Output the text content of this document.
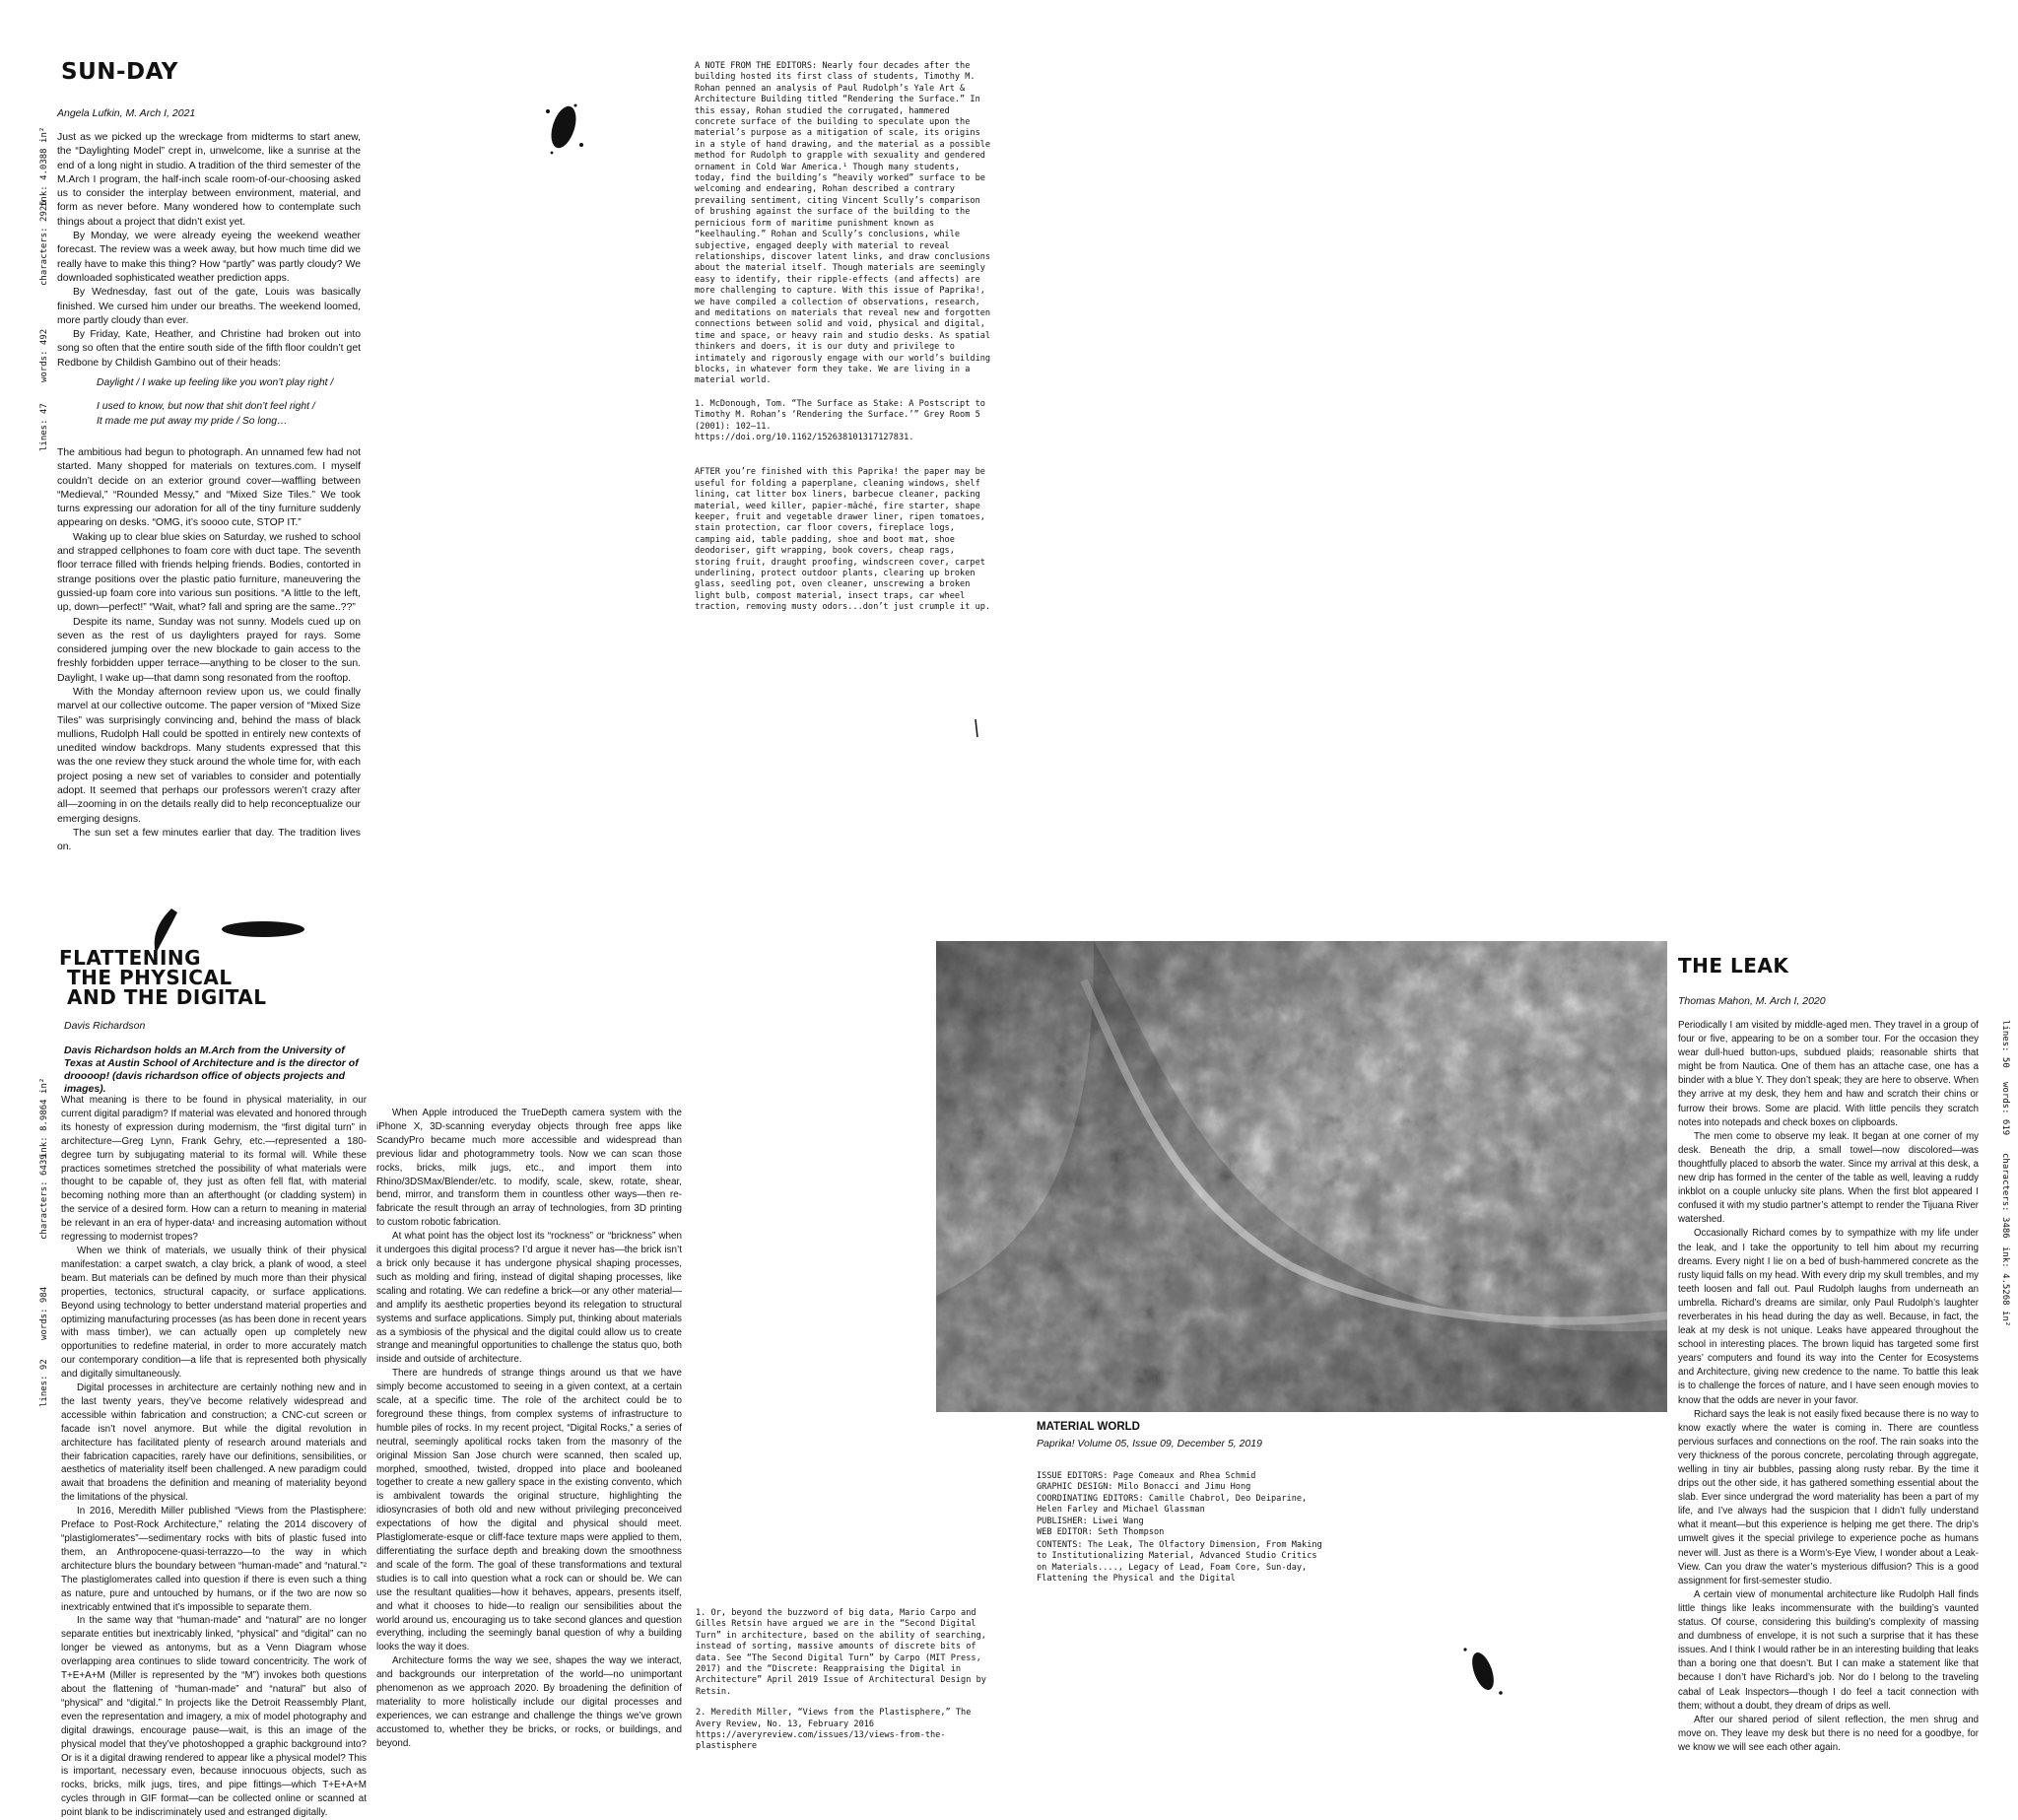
SUN-DAY
Angela Lufkin, M. Arch I, 2021
ink: 4.0388 in²
characters: 2926
words: 492
lines: 47

Just as we picked up the wreckage from midterms to start anew, the “Daylighting Model” crept in, unwelcome, like a sunrise at the end of a long night in studio. A tradition of the third semester of the M.Arch I program, the half-inch scale room-of-our-choosing asked us to consider the interplay between environment, material, and form as never before. Many wondered how to contemplate such things about a project that didn’t exist yet.

By Monday, we were already eyeing the weekend weather forecast. The review was a week away, but how much time did we really have to make this thing? How “partly” was partly cloudy? We downloaded sophisticated weather prediction apps.

By Wednesday, fast out of the gate, Louis was basically finished. We cursed him under our breaths. The weekend loomed, more partly cloudy than ever.

By Friday, Kate, Heather, and Christine had broken out into song so often that the entire south side of the fifth floor couldn’t get Redbone by Childish Gambino out of their heads:

Daylight / I wake up feeling like you won’t play right /

I used to know, but now that shit don’t feel right /

It made me put away my pride / So long…

The ambitious had begun to photograph. An unnamed few had not started. Many shopped for materials on textures.com. I myself couldn’t decide on an exterior ground cover—waffling between “Medieval,” “Rounded Messy,” and “Mixed Size Tiles.” We took turns expressing our adoration for all of the tiny furniture suddenly appearing on desks. “OMG, it’s soooo cute, STOP IT.”

Waking up to clear blue skies on Saturday, we rushed to school and strapped cellphones to foam core with duct tape. The seventh floor terrace filled with friends helping friends. Bodies, contorted in strange positions over the plastic patio furniture, maneuvering the gussied-up foam core into various sun positions. “A little to the left, up, down—perfect!” “Wait, what? fall and spring are the same..??”

Despite its name, Sunday was not sunny. Models cued up on seven as the rest of us daylighters prayed for rays. Some considered jumping over the new blockade to gain access to the freshly forbidden upper terrace—anything to be closer to the sun. Daylight, I wake up—that damn song resonated from the rooftop.

With the Monday afternoon review upon us, we could finally marvel at our collective outcome. The paper version of “Mixed Size Tiles” was surprisingly convincing and, behind the mass of black mullions, Rudolph Hall could be spotted in entirely new contexts of unedited window backdrops. Many students expressed that this was the one review they stuck around the whole time for, with each project posing a new set of variables to consider and potentially adopt. It seemed that perhaps our professors weren’t crazy after all—zooming in on the details really did to help reconceptualize our emerging designs.

The sun set a few minutes earlier that day. The tradition lives on.

A NOTE FROM THE EDITORS: Nearly four decades after the building hosted its first class of students, Timothy M. Rohan penned an analysis of Paul Rudolph’s Yale Art & Architecture Building titled “Rendering the Surface.” In this essay, Rohan studied the corrugated, hammered concrete surface of the building to speculate upon the material’s purpose as a mitigation of scale, its origins in a style of hand drawing, and the material as a possible method for Rudolph to grapple with sexuality and gendered ornament in Cold War America.¹ Though many students, today, find the building’s “heavily worked” surface to be welcoming and endearing, Rohan described a contrary prevailing sentiment, citing Vincent Scully’s comparison of brushing against the surface of the building to the pernicious form of maritime punishment known as “keelhauling.” Rohan and Scully’s conclusions, while subjective, engaged deeply with material to reveal relationships, discover latent links, and draw conclusions about the material itself. Though materials are seemingly easy to identify, their ripple-effects (and affects) are more challenging to capture. With this issue of Paprika!, we have compiled a collection of observations, research, and meditations on materials that reveal new and forgotten connections between solid and void, physical and digital, time and space, or heavy rain and studio desks. As spatial thinkers and doers, it is our duty and privilege to intimately and rigorously engage with our world’s building blocks, in whatever form they take. We are living in a material world.

1. McDonough, Tom. “The Surface as Stake: A Postscript to Timothy M. Rohan’s ‘Rendering the Surface.’” Grey Room 5 (2001): 102–11. https://doi.org/10.1162/152638101317127831.

AFTER you’re finished with this Paprika! the paper may be useful for folding a paperplane, cleaning windows, shelf lining, cat litter box liners, barbecue cleaner, packing material, weed killer, papier-mâché, fire starter, shape keeper, fruit and vegetable drawer liner, ripen tomatoes, stain protection, car floor covers, fireplace logs, camping aid, table padding, shoe and boot mat, shoe deodoriser, gift wrapping, book covers, cheap rags, storing fruit, draught proofing, windscreen cover, carpet underlining, protect outdoor plants, clearing up broken glass, seedling pot, oven cleaner, unscrewing a broken light bulb, compost material, insect traps, car wheel traction, removing musty odors...don’t just crumple it up.

FLATTENING
THE PHYSICAL
AND THE DIGITAL
Davis Richardson
Davis Richardson holds an M.Arch from the University of Texas at Austin School of Architecture and is the director of droooop! (davis richardson office of objects projects and images).
ink: 8.9864 in²
characters: 6439
words: 984
lines: 92

What meaning is there to be found in physical materiality, in our current digital paradigm? If material was elevated and honored through its honesty of expression during modernism, the “first digital turn” in architecture—Greg Lynn, Frank Gehry, etc.—represented a 180-degree turn by subjugating material to its formal will. While these practices sometimes stretched the possibility of what materials were thought to be capable of, they just as often fell flat, with material becoming nothing more than an afterthought (or cladding system) in the service of a desired form. How can a return to meaning in material be relevant in an era of hyper-data¹ and increasing automation without regressing to modernist tropes?

When we think of materials, we usually think of their physical manifestation: a carpet swatch, a clay brick, a plank of wood, a steel beam. But materials can be defined by much more than their physical properties, tectonics, structural capacity, or surface applications. Beyond using technology to better understand material properties and optimizing manufacturing processes (as has been done in recent years with mass timber), we can actually open up completely new opportunities to redefine material, in order to more accurately match our contemporary condition—a life that is represented both physically and digitally simultaneously.

Digital processes in architecture are certainly nothing new and in the last twenty years, they’ve become relatively widespread and accessible within fabrication and construction; a CNC-cut screen or facade isn’t novel anymore. But while the digital revolution in architecture has facilitated plenty of research around materials and their fabrication capacities, rarely have our definitions, sensibilities, or aesthetics of materiality itself been challenged. A new paradigm could await that broadens the definition and meaning of materiality beyond the limitations of the physical.

In 2016, Meredith Miller published “Views from the Plastisphere: Preface to Post-Rock Architecture,” relating the 2014 discovery of “plastiglomerates”—sedimentary rocks with bits of plastic fused into them, an Anthropocene-quasi-terrazzo—to the way in which architecture blurs the boundary between “human-made” and “natural.”² The plastiglomerates called into question if there is even such a thing as nature, pure and untouched by humans, or if the two are now so inextricably entwined that it’s impossible to separate them.

In the same way that “human-made” and “natural” are no longer separate entities but inextricably linked, “physical” and “digital” can no longer be viewed as antonyms, but as a Venn Diagram whose overlapping area continues to slide toward concentricity. The work of T+E+A+M (Miller is represented by the “M”) invokes both questions about the flattening of “human-made” and “natural” but also of “physical” and “digital.” In projects like the Detroit Reassembly Plant, even the representation and imagery, a mix of model photography and digital drawings, encourage pause—wait, is this an image of the physical model that they’ve photoshopped a graphic background into? Or is it a digital drawing rendered to appear like a physical model? This is important, necessary even, because innocuous objects, such as rocks, bricks, milk jugs, tires, and pipe fittings—which T+E+A+M cycles through in GIF format—can be collected online or scanned at point blank to be indiscriminately used and estranged digitally.

When Apple introduced the TrueDepth camera system with the iPhone X, 3D-scanning everyday objects through free apps like ScandyPro became much more accessible and widespread than previous lidar and photogrammetry tools. Now we can scan those rocks, bricks, milk jugs, etc., and import them into Rhino/3DSMax/Blender/etc. to modify, scale, skew, rotate, shear, bend, mirror, and transform them in countless other ways—then re-fabricate the result through an array of technologies, from 3D printing to custom robotic fabrication.

At what point has the object lost its “rockness” or “brickness” when it undergoes this digital process? I’d argue it never has—the brick isn’t a brick only because it has undergone physical shaping processes, such as molding and firing, instead of digital shaping processes, like scaling and rotating. We can redefine a brick—or any other material—and amplify its aesthetic properties beyond its relegation to structural systems and surface applications. Simply put, thinking about materials as a symbiosis of the physical and the digital could allow us to create strange and meaningful opportunities to challenge the status quo, both inside and outside of architecture.

There are hundreds of strange things around us that we have simply become accustomed to seeing in a given context, at a certain scale, at a specific time. The role of the architect could be to foreground these things, from complex systems of infrastructure to humble piles of rocks. In my recent project, “Digital Rocks,” a series of neutral, seemingly apolitical rocks taken from the masonry of the original Mission San Jose church were scanned, then scaled up, morphed, smoothed, twisted, dropped into place and booleaned together to create a new gallery space in the existing convento, which is ambivalent towards the original structure, highlighting the idiosyncrasies of both old and new without privileging preconceived expectations of how the digital and physical should meet. Plastiglomerate-esque or cliff-face texture maps were applied to them, differentiating the surface depth and breaking down the smoothness and scale of the form. The goal of these transformations and textural studies is to call into question what a rock can or should be. We can use the resultant qualities—how it behaves, appears, presents itself, and what it chooses to hide—to realign our sensibilities about the world around us, encouraging us to take second glances and question everything, including the seemingly banal question of why a building looks the way it does.

Architecture forms the way we see, shapes the way we interact, and backgrounds our interpretation of the world—no unimportant phenomenon as we approach 2020. By broadening the definition of materiality to more holistically include our digital processes and experiences, we can estrange and challenge the things we’ve grown accustomed to, whether they be bricks, or rocks, or buildings, and beyond.

1. Or, beyond the buzzword of big data, Mario Carpo and Gilles Retsin have argued we are in the “Second Digital Turn” in architecture, based on the ability of searching, instead of sorting, massive amounts of discrete bits of data. See “The Second Digital Turn” by Carpo (MIT Press, 2017) and the “Discrete: Reappraising the Digital in Architecture” April 2019 Issue of Architectural Design by Retsin.

2. Meredith Miller, “Views from the Plastisphere,” The Avery Review, No. 13, February 2016 https://averyreview.com/issues/13/views-from-the-plastisphere

MATERIAL WORLD
Paprika! Volume 05, Issue 09, December 5, 2019
ISSUE EDITORS: Page Comeaux and Rhea Schmid
GRAPHIC DESIGN: Milo Bonacci and Jimu Hong
COORDINATING EDITORS: Camille Chabrol, Deo Deiparine, Helen Farley and Michael Glassman
PUBLISHER: Liwei Wang
WEB EDITOR: Seth Thompson
CONTENTS: The Leak, The Olfactory Dimension, From Making to Institutionalizing Material, Advanced Studio Critics on Materials...., Legacy of Lead, Foam Core, Sun-day, Flattening the Physical and the Digital
THE LEAK
Thomas Mahon, M. Arch I, 2020
lines: 50
words: 619
characters: 3486
ink: 4.5268 in²

Periodically I am visited by middle-aged men. They travel in a group of four or five, appearing to be on a somber tour. For the occasion they wear dull-hued button-ups, subdued plaids; reasonable shirts that might be from Nautica. One of them has an attache case, one has a binder with a blue Y. They don’t speak; they are here to observe. When they arrive at my desk, they hem and haw and scratch their chins or furrow their brows. Some are placid. With little pencils they scratch notes into notepads and check boxes on clipboards.

The men come to observe my leak. It began at one corner of my desk. Beneath the drip, a small towel—now discolored—was thoughtfully placed to absorb the water. Since my arrival at this desk, a new drip has formed in the center of the table as well, leaving a ruddy inkblot on a couple unlucky site plans. When the first blot appeared I confused it with my studio partner’s attempt to render the Tijuana River watershed.

Occasionally Richard comes by to sympathize with my life under the leak, and I take the opportunity to tell him about my recurring dreams. Every night I lie on a bed of bush-hammered concrete as the rusty liquid falls on my head. With every drip my skull trembles, and my teeth loosen and fall out. Paul Rudolph laughs from underneath an umbrella. Richard’s dreams are similar, only Paul Rudolph’s laughter reverberates in his head during the day as well. Because, in fact, the leak at my desk is not unique. Leaks have appeared throughout the school in interesting places. The brown liquid has targeted some first years’ computers and found its way into the Center for Ecosystems and Architecture, giving new credence to the name. To battle this leak is to challenge the forces of nature, and I have seen enough movies to know that the odds are never in your favor.

Richard says the leak is not easily fixed because there is no way to know exactly where the water is coming in. There are countless pervious surfaces and connections on the roof. The rain soaks into the very thickness of the porous concrete, percolating through aggregate, welling in tiny air bubbles, passing along rusty rebar. By the time it drips out the other side, it has gathered something essential about the slab. Ever since undergrad the word materiality has been a part of my life, and I’ve always had the suspicion that I didn’t fully understand what it meant—but this experience is helping me get there. The drip’s umwelt gives it the special privilege to experience poche as humans never will. Just as there is a Worm’s-Eye View, I wonder about a Leak-View. Can you draw the water’s mysterious diffusion? This is a good assignment for first-semester studio.

A certain view of monumental architecture like Rudolph Hall finds little things like leaks incommensurate with the building’s vaunted status. Of course, considering this building’s complexity of massing and dumbness of envelope, it is not such a surprise that it has these issues. And I think I would rather be in an interesting building that leaks than a boring one that doesn’t. But I can make a statement like that because I don’t have Richard’s job. Nor do I belong to the traveling cabal of Leak Inspectors—though I do feel a tacit connection with them; without a doubt, they dream of drips as well.

After our shared period of silent reflection, the men shrug and move on. They leave my desk but there is no need for a goodbye, for we know we will see each other again.
